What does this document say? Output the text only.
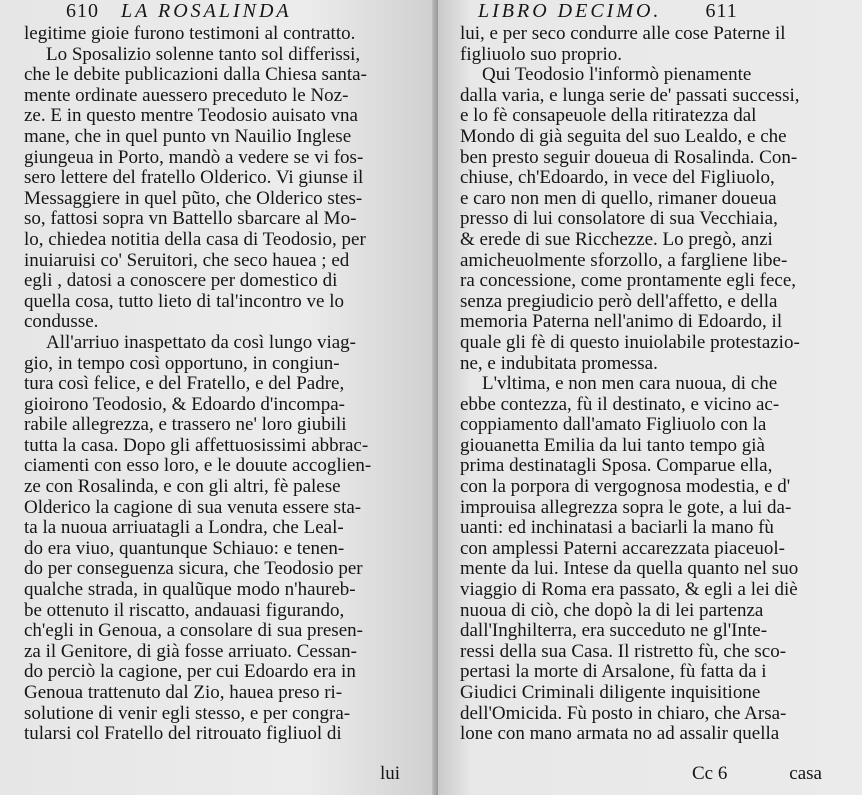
610 LA ROSALINDA
legitime gioie furono testimoni al contratto.
Lo Sposalizio solenne tanto sol differissi,
che le debite publicazioni dalla Chiesa santa-
mente ordinate auessero preceduto le Noz-
ze. E in questo mentre Teodosio auisato vna
mane, che in quel punto vn Nauilio Inglese
giungeua in Porto, mandò a vedere se vi fos-
sero lettere del fratello Olderico. Vi giunse il
Messaggiere in quel pũto, che Olderico stes-
so, fattosi sopra vn Battello sbarcare al Mo-
lo, chiedea notitia della casa di Teodosio, per
inuiaruisi co' Seruitori, che seco hauea ; ed
egli , datosi a conoscere per domestico di
quella cosa, tutto lieto di tal'incontro ve lo
condusse.
All'arriuo inaspettato da così lungo viag-
gio, in tempo così opportuno, in congiun-
tura così felice, e del Fratello, e del Padre,
gioirono Teodosio, & Edoardo d'incompa-
rabile allegrezza, e trassero ne' loro giubili
tutta la casa. Dopo gli affettuosissimi abbrac-
ciamenti con esso loro, e le douute accoglien-
ze con Rosalinda, e con gli altri, fè palese
Olderico la cagione di sua venuta essere sta-
ta la nuoua arriuatagli a Londra, che Leal-
do era viuo, quantunque Schiauo: e tenen-
do per conseguenza sicura, che Teodosio per
qualche strada, in qualũque modo n'haureb-
be ottenuto il riscatto, andauasi figurando,
ch'egli in Genoua, a consolare di sua presen-
za il Genitore, di già fosse arriuato. Cessan-
do perciò la cagione, per cui Edoardo era in
Genoua trattenuto dal Zio, hauea preso ri-
solutione di venir egli stesso, e per congra-
tularsi col Fratello del ritrouato figliuol di
lui
LIBRO DECIMO. 611
lui, e per seco condurre alle cose Paterne il
figliuolo suo proprio.
Qui Teodosio l'informò pienamente
dalla varia, e lunga serie de' passati successi,
e lo fè consapeuole della ritiratezza dal
Mondo di già seguita del suo Lealdo, e che
ben presto seguir doueua di Rosalinda. Con-
chiuse, ch'Edoardo, in vece del Figliuolo,
e caro non men di quello, rimaner doueua
presso di lui consolatore di sua Vecchiaia,
& erede di sue Ricchezze. Lo pregò, anzi
amicheuolmente sforzollo, a fargliene libe-
ra concessione, come prontamente egli fece,
senza pregiudicio però dell'affetto, e della
memoria Paterna nell'animo di Edoardo, il
quale gli fè di questo inuiolabile protestazio-
ne, e indubitata promessa.
L'vltima, e non men cara nuoua, di che
ebbe contezza, fù il destinato, e vicino ac-
coppiamento dall'amato Figliuolo con la
giouanetta Emilia da lui tanto tempo già
prima destinatagli Sposa. Comparue ella,
con la porpora di vergognosa modestia, e d'
improuisa allegrezza sopra le gote, a lui da-
uanti: ed inchinatasi a baciarli la mano fù
con amplessi Paterni accarezzata piaceuol-
mente da lui. Intese da quella quanto nel suo
viaggio di Roma era passato, & egli a lei diè
nuoua di ciò, che dopò la di lei partenza
dall'Inghilterra, era succeduto ne gl'Inte-
ressi della sua Casa. Il ristretto fù, che sco-
pertasi la morte di Arsalone, fù fatta da i
Giudici Criminali diligente inquisitione
dell'Omicida. Fù posto in chiaro, che Arsa-
lone con mano armata no ad assalir quella
Cc 6	casa
